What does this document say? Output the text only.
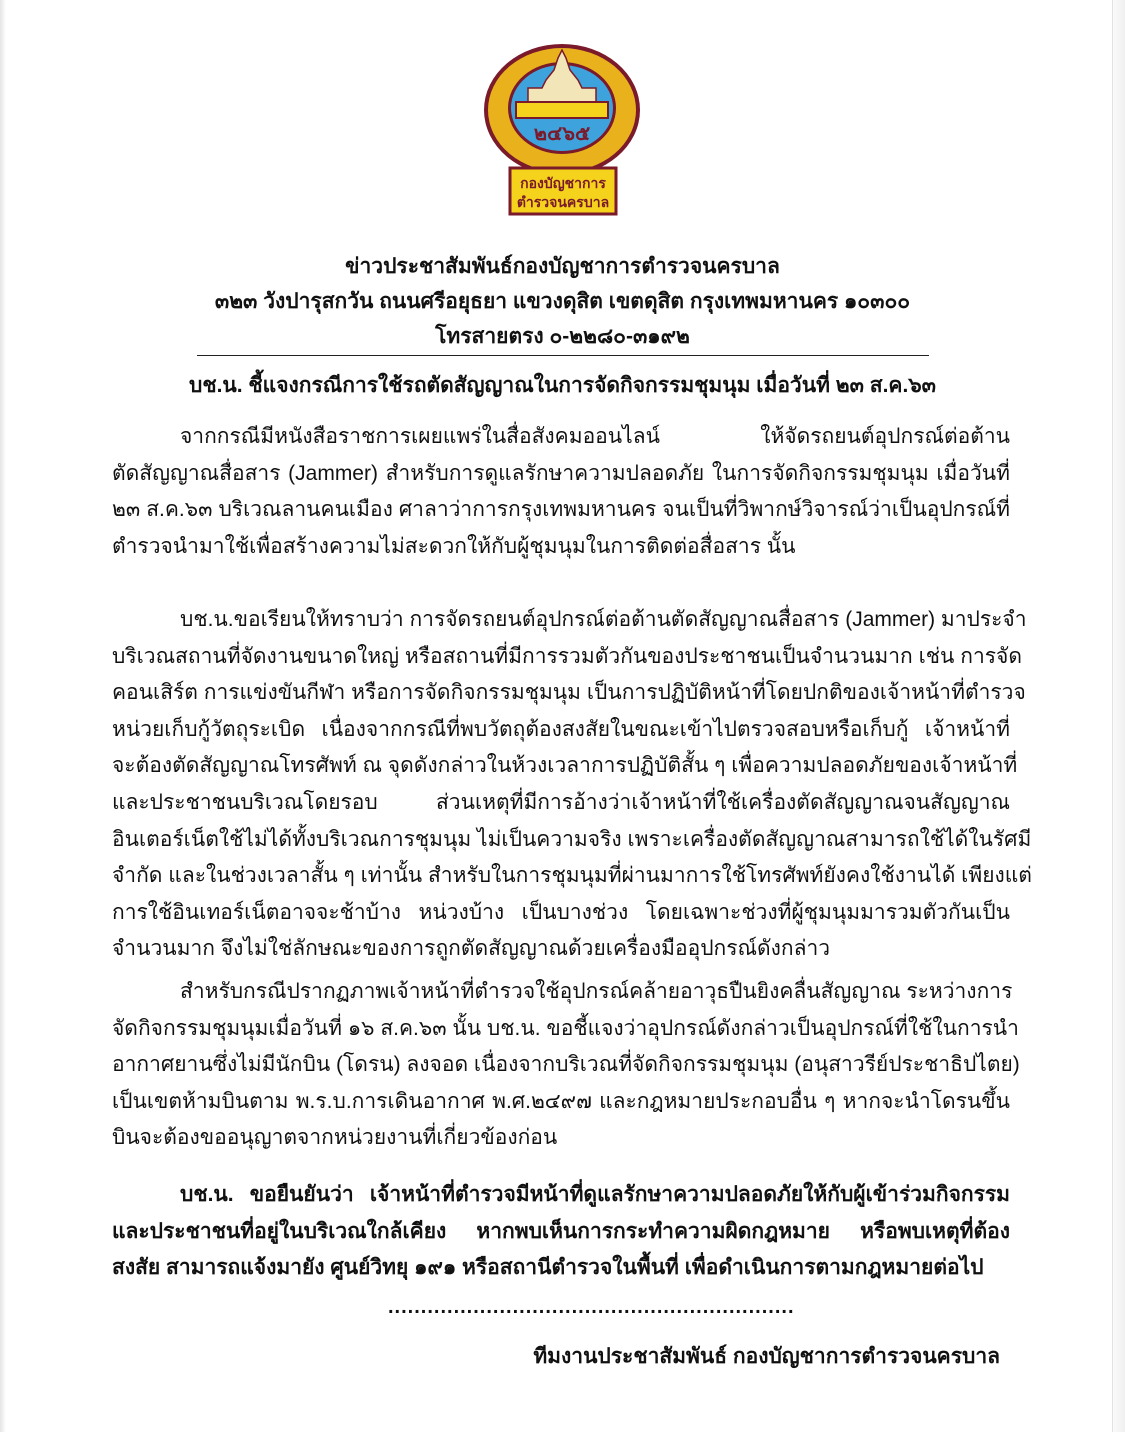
๒๔๖๕
กองบัญชาการ
ตำรวจนครบาล
ข่าวประชาสัมพันธ์กองบัญชาการตำรวจนครบาล
๓๒๓ วังปารุสกวัน ถนนศรีอยุธยา แขวงดุสิต เขตดุสิต กรุงเทพมหานคร ๑๐๓๐๐
โทรสายตรง ๐-๒๒๘๐-๓๑๙๒
บช.น. ชี้แจงกรณีการใช้รถตัดสัญญาณในการจัดกิจกรรมชุมนุม เมื่อวันที่ ๒๓ ส.ค.๖๓
จากกรณีมีหนังสือราชการเผยแพร่ในสื่อสังคมออนไลน์ ให้จัดรถยนต์อุปกรณ์ต่อต้าน
ตัดสัญญาณสื่อสาร (Jammer) สำหรับการดูแลรักษาความปลอดภัย ในการจัดกิจกรรมชุมนุม เมื่อวันที่
๒๓ ส.ค.๖๓ บริเวณลานคนเมือง ศาลาว่าการกรุงเทพมหานคร จนเป็นที่วิพากษ์วิจารณ์ว่าเป็นอุปกรณ์ที่
ตำรวจนำมาใช้เพื่อสร้างความไม่สะดวกให้กับผู้ชุมนุมในการติดต่อสื่อสาร นั้น
บช.น.ขอเรียนให้ทราบว่า การจัดรถยนต์อุปกรณ์ต่อต้านตัดสัญญาณสื่อสาร (Jammer) มาประจำ
บริเวณสถานที่จัดงานขนาดใหญ่ หรือสถานที่มีการรวมตัวกันของประชาชนเป็นจำนวนมาก เช่น การจัด
คอนเสิร์ต การแข่งขันกีฬา หรือการจัดกิจกรรมชุมนุม เป็นการปฏิบัติหน้าที่โดยปกติของเจ้าหน้าที่ตำรวจ
หน่วยเก็บกู้วัตถุระเบิด เนื่องจากกรณีที่พบวัตถุต้องสงสัยในขณะเข้าไปตรวจสอบหรือเก็บกู้ เจ้าหน้าที่
จะต้องตัดสัญญาณโทรศัพท์ ณ จุดดังกล่าวในห้วงเวลาการปฏิบัติสั้น ๆ เพื่อความปลอดภัยของเจ้าหน้าที่
และประชาชนบริเวณโดยรอบ ส่วนเหตุที่มีการอ้างว่าเจ้าหน้าที่ใช้เครื่องตัดสัญญาณจนสัญญาณ
อินเตอร์เน็ตใช้ไม่ได้ทั้งบริเวณการชุมนุม ไม่เป็นความจริง เพราะเครื่องตัดสัญญาณสามารถใช้ได้ในรัศมี
จำกัด และในช่วงเวลาสั้น ๆ เท่านั้น สำหรับในการชุมนุมที่ผ่านมาการใช้โทรศัพท์ยังคงใช้งานได้ เพียงแต่
การใช้อินเทอร์เน็ตอาจจะช้าบ้าง หน่วงบ้าง เป็นบางช่วง โดยเฉพาะช่วงที่ผู้ชุมนุมมารวมตัวกันเป็น
จำนวนมาก จึงไม่ใช่ลักษณะของการถูกตัดสัญญาณด้วยเครื่องมืออุปกรณ์ดังกล่าว
สำหรับกรณีปรากฏภาพเจ้าหน้าที่ตำรวจใช้อุปกรณ์คล้ายอาวุธปืนยิงคลื่นสัญญาณ ระหว่างการ
จัดกิจกรรมชุมนุมเมื่อวันที่ ๑๖ ส.ค.๖๓ นั้น บช.น. ขอชี้แจงว่าอุปกรณ์ดังกล่าวเป็นอุปกรณ์ที่ใช้ในการนำ
อากาศยานซึ่งไม่มีนักบิน (โดรน) ลงจอด เนื่องจากบริเวณที่จัดกิจกรรมชุมนุม (อนุสาวรีย์ประชาธิปไตย)
เป็นเขตห้ามบินตาม พ.ร.บ.การเดินอากาศ พ.ศ.๒๔๙๗ และกฎหมายประกอบอื่น ๆ หากจะนำโดรนขึ้น
บินจะต้องขออนุญาตจากหน่วยงานที่เกี่ยวข้องก่อน
บช.น. ขอยืนยันว่า เจ้าหน้าที่ตำรวจมีหน้าที่ดูแลรักษาความปลอดภัยให้กับผู้เข้าร่วมกิจกรรม
และประชาชนที่อยู่ในบริเวณใกล้เคียง หากพบเห็นการกระทำความผิดกฎหมาย หรือพบเหตุที่ต้อง
สงสัย สามารถแจ้งมายัง ศูนย์วิทยุ ๑๙๑ หรือสถานีตำรวจในพื้นที่ เพื่อดำเนินการตามกฎหมายต่อไป
..............................................................
ทีมงานประชาสัมพันธ์ กองบัญชาการตำรวจนครบาล
